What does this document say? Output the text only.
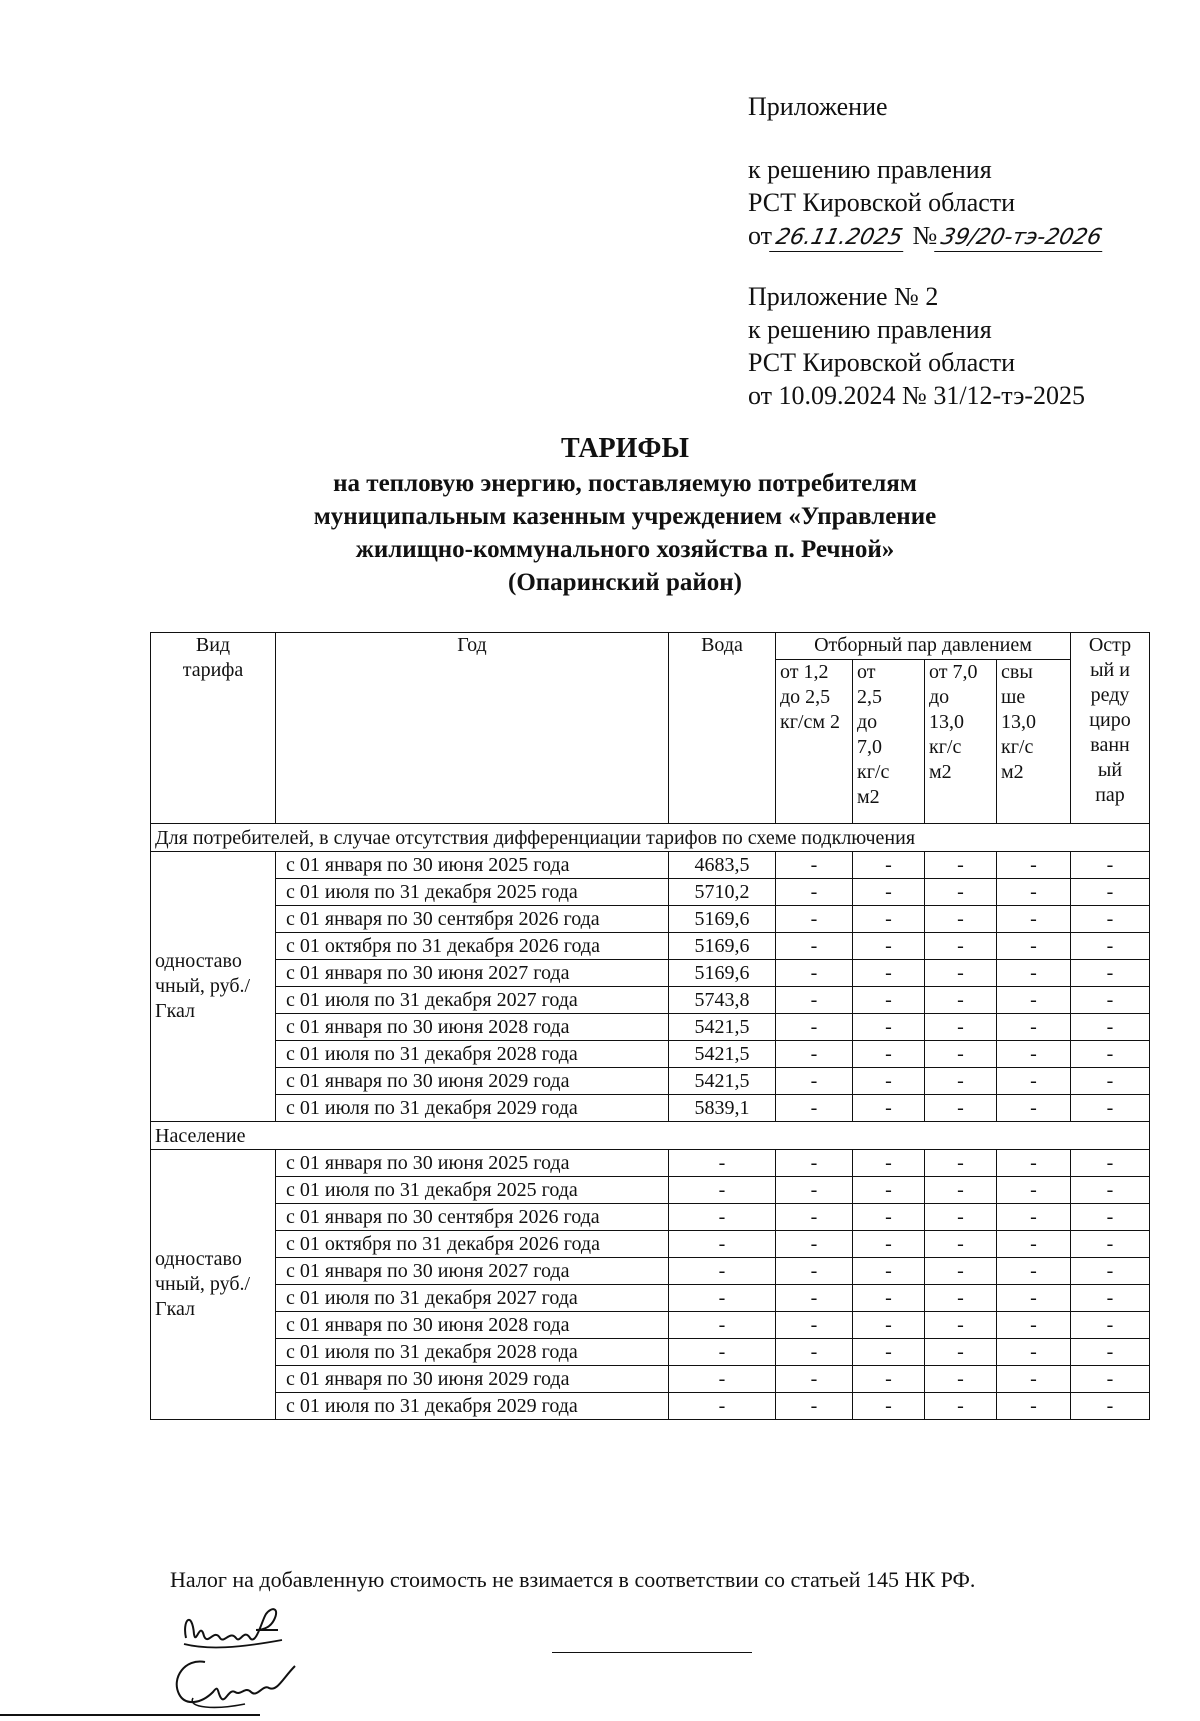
Приложение
к решению правления
РСТ Кировской области
от26.11.2025 №39/20-тэ-2026
Приложение № 2
к решению правления
РСТ Кировской области
от 10.09.2024 № 31/12-тэ-2025
ТАРИФЫ
на тепловую энергию, поставляемую потребителям
муниципальным казенным учреждением «Управление
жилищно-коммунального хозяйства п. Речной»
(Опаринский район)
Вид тарифа	Год	Вода	Отборный пар давлением				Остр ый и реду циро ванн ый пар

			от 1,2 до 2,5 кг/см 2	от 2,5 до 7,0 кг/с м2	от 7,0 до 13,0 кг/с м2	свы ше 13,0 кг/с м2	

Для потребителей, в случае отсутствия дифференциации тарифов по схеме подключения							

одноставочный, руб./Гкал	с 01 января по 30 июня 2025 года	4683,5	-	-	-	-	-
	с 01 июля по 31 декабря 2025 года	5710,2	-	-	-	-	-
	с 01 января по 30 сентября 2026 года	5169,6	-	-	-	-	-
	с 01 октября по 31 декабря 2026 года	5169,6	-	-	-	-	-
	с 01 января по 30 июня 2027 года	5169,6	-	-	-	-	-
	с 01 июля по 31 декабря 2027 года	5743,8	-	-	-	-	-
	с 01 января по 30 июня 2028 года	5421,5	-	-	-	-	-
	с 01 июля по 31 декабря 2028 года	5421,5	-	-	-	-	-
	с 01 января по 30 июня 2029 года	5421,5	-	-	-	-	-
	с 01 июля по 31 декабря 2029 года	5839,1	-	-	-	-	-
Население							

одноставочный, руб./Гкал	с 01 января по 30 июня 2025 года	-	-	-	-	-	-
	с 01 июля по 31 декабря 2025 года	-	-	-	-	-	-
	с 01 января по 30 сентября 2026 года	-	-	-	-	-	-
	с 01 октября по 31 декабря 2026 года	-	-	-	-	-	-
	с 01 января по 30 июня 2027 года	-	-	-	-	-	-
	с 01 июля по 31 декабря 2027 года	-	-	-	-	-	-
	с 01 января по 30 июня 2028 года	-	-	-	-	-	-
	с 01 июля по 31 декабря 2028 года	-	-	-	-	-	-
	с 01 января по 30 июня 2029 года	-	-	-	-	-	-
	с 01 июля по 31 декабря 2029 года	-	-	-	-	-	-
Налог на добавленную стоимость не взимается в соответствии со статьей 145 НК РФ.
